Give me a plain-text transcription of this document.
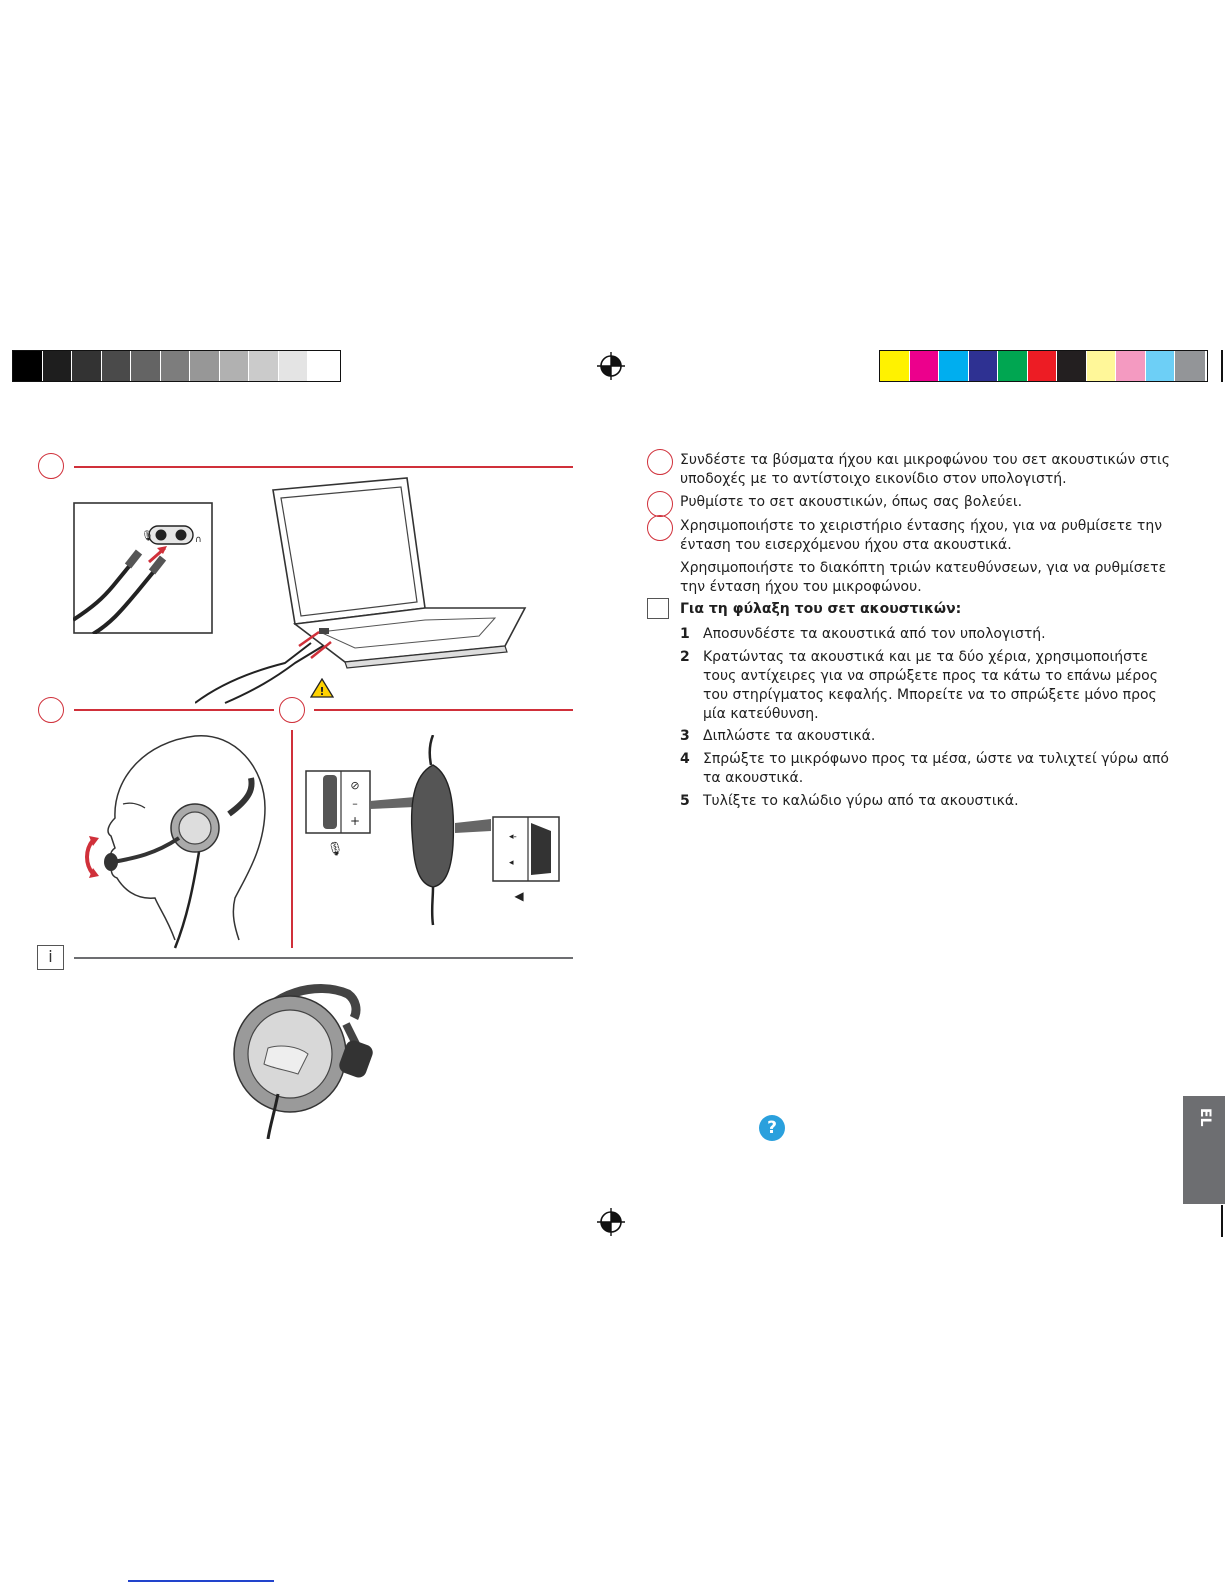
🎙	∩
!
⊘
–
+
🎙
◂-
◂
◀
i
Συνδέστε τα βύσματα ήχου και μικροφώνου του σετ ακουστικών στις υποδοχές με το αντίστοιχο εικονίδιο στον υπολογιστή.
Ρυθμίστε το σετ ακουστικών, όπως σας βολεύει.
Χρησιμοποιήστε το χειριστήριο έντασης ήχου, για να ρυθμίσετε την ένταση του εισερχόμενου ήχου στα ακουστικά.
Χρησιμοποιήστε το διακόπτη τριών κατευθύνσεων, για να ρυθμίσετε την ένταση ήχου του μικροφώνου.
Για τη φύλαξη του σετ ακουστικών:
1 Αποσυνδέστε τα ακουστικά από τον υπολογιστή.
2 Κρατώντας τα ακουστικά και με τα δύο χέρια, χρησιμοποιήστε τους αντίχειρες για να σπρώξετε προς τα κάτω το επάνω μέρος του στηρίγματος κεφαλής. Μπορείτε να το σπρώξετε μόνο προς μία κατεύθυνση.
3 Διπλώστε τα ακουστικά.
4 Σπρώξτε το μικρόφωνο προς τα μέσα, ώστε να τυλιχτεί γύρω από τα ακουστικά.
5 Τυλίξτε το καλώδιο γύρω από τα ακουστικά.
?
EL
